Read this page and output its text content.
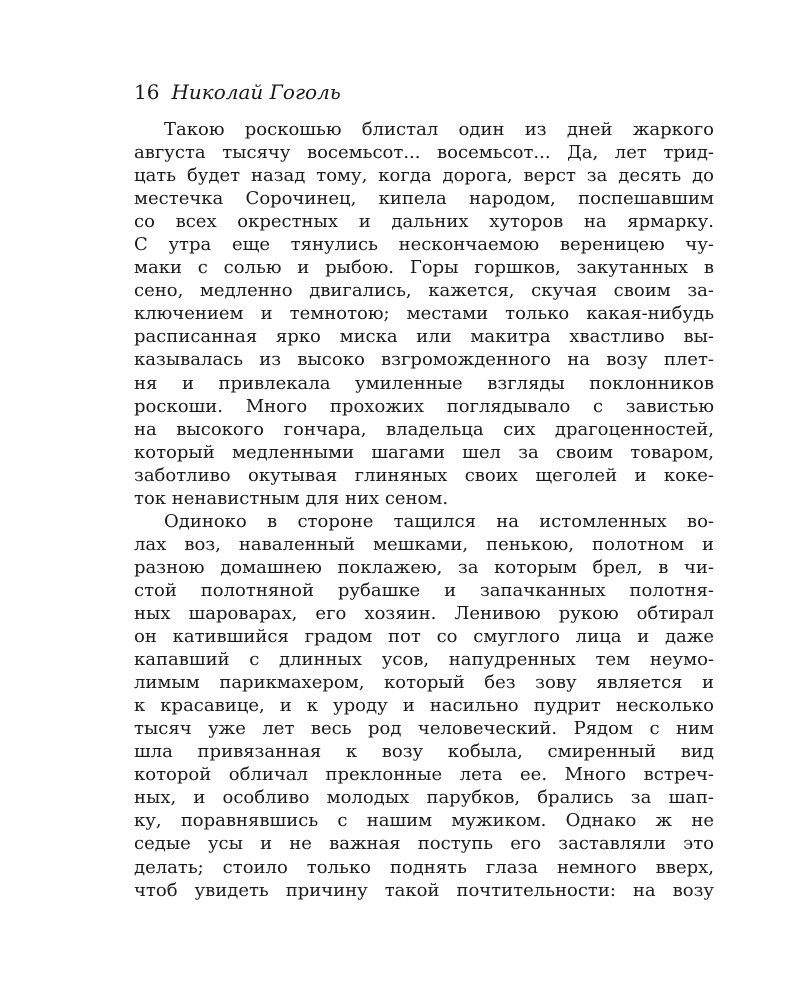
16 Николай Гоголь
Такою роскошью блистал один из дней жаркого
августа тысячу восемьсот... восемьсот... Да, лет трид-
цать будет назад тому, когда дорога, верст за десять до
местечка Сорочинец, кипела народом, поспешавшим
со всех окрестных и дальних хуторов на ярмарку.
С утра еще тянулись нескончаемою вереницею чу-
маки с солью и рыбою. Горы горшков, закутанных в
сено, медленно двигались, кажется, скучая своим за-
ключением и темнотою; местами только какая-нибудь
расписанная ярко миска или макитра хвастливо вы-
казывалась из высоко взгроможденного на возу плет-
ня и привлекала умиленные взгляды поклонников
роскоши. Много прохожих поглядывало с завистью
на высокого гончара, владельца сих драгоценностей,
который медленными шагами шел за своим товаром,
заботливо окутывая глиняных своих щеголей и коке-
ток ненавистным для них сеном.
Одиноко в стороне тащился на истомленных во-
лах воз, наваленный мешками, пенькою, полотном и
разною домашнею поклажею, за которым брел, в чи-
стой полотняной рубашке и запачканных полотня-
ных шароварах, его хозяин. Ленивою рукою обтирал
он катившийся градом пот со смуглого лица и даже
капавший с длинных усов, напудренных тем неумо-
лимым парикмахером, который без зову является и
к красавице, и к уроду и насильно пудрит несколько
тысяч уже лет весь род человеческий. Рядом с ним
шла привязанная к возу кобыла, смиренный вид
которой обличал преклонные лета ее. Много встреч-
ных, и особливо молодых парубков, брались за шап-
ку, поравнявшись с нашим мужиком. Однако ж не
седые усы и не важная поступь его заставляли это
делать; стоило только поднять глаза немного вверх,
чтоб увидеть причину такой почтительности: на возу
